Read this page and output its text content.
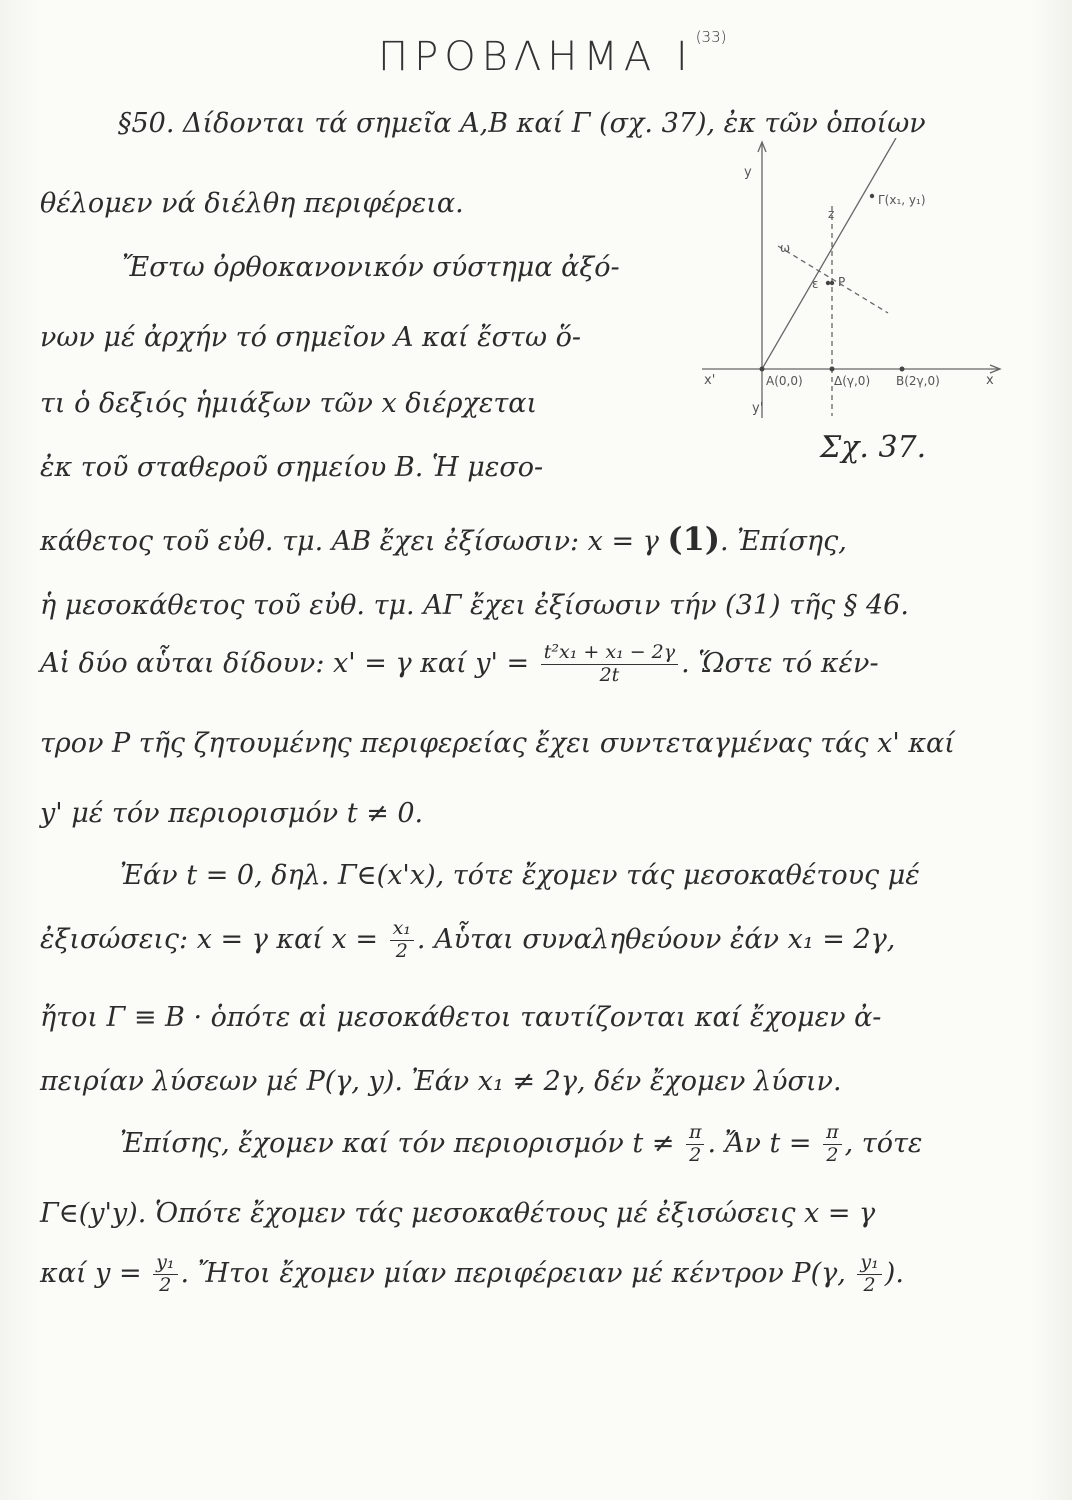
ΠΡΟΒΛΗΜΑ Ι $^{(33)}$
§50. Δίδονται τά σημεῖα Α,Β καί Γ (σχ. 37), ἐκ τῶν ὁποίων
θέλομεν νά διέλθη περιφέρεια.
Ἔστω ὀρθοκανονικόν σύστημα ἀξό-
νων μέ ἀρχήν τό σημεῖον Α καί ἔστω ὅ-
τι ὁ δεξιός ἡμιάξων τῶν x διέρχεται
ἐκ τοῦ σταθεροῦ σημείου Β. Ἡ μεσο-
κάθετος τοῦ εὐθ. τμ. ΑΒ ἔχει ἐξίσωσιν: x = γ (1). Ἐπίσης,
ἡ μεσοκάθετος τοῦ εὐθ. τμ. ΑΓ ἔχει ἐξίσωσιν τήν (31) τῆς § 46.
Αἱ δύο αὗται δίδουν: x' = γ καί $y' = \frac{\text{t²x₁ + x₁ − 2γ}}{2t}$ . Ὥστε τό κέν-
τρον Ρ τῆς ζητουμένης περιφερείας ἔχει συντεταγμένας τάς x' καί
y' μέ τόν περιορισμόν t ≠ 0.
Ἐάν t = 0, δηλ. Γ∈(x'x), τότε ἔχομεν τάς μεσοκαθέτους μέ
ἐξισώσεις: x = γ καί $x = \frac{\text{x₁}}{2}$ . Αὗται συναληθεύουν ἐάν x₁ = 2γ,
ἤτοι Γ ≡ Β · ὁπότε αἱ μεσοκάθετοι ταυτίζονται καί ἔχομεν ἀ-
πειρίαν λύσεων μέ Ρ(γ, y). Ἐάν x₁ ≠ 2γ, δέν ἔχομεν λύσιν.
Ἐπίσης, ἔχομεν καί τόν περιορισμόν $t \ne \frac{\pi}{2}$ . Ἄν $t = \frac{\pi}{2}$ , τότε
Γ∈(y'y). Ὁπότε ἔχομεν τάς μεσοκαθέτους μέ ἐξισώσεις x = γ
καί $y = \frac{\text{y₁}}{2}$ . Ἤτοι ἔχομεν μίαν περιφέρειαν μέ κέντρον Ρ(γ, $\frac{\text{y₁}}{2}$ ).
y
y'
x
x'
Γ(x₁, y₁)
z
ω
ε Ρ
Α(0,0)	Δ(γ,0) Β(2γ,0)
Σχ. 37.
